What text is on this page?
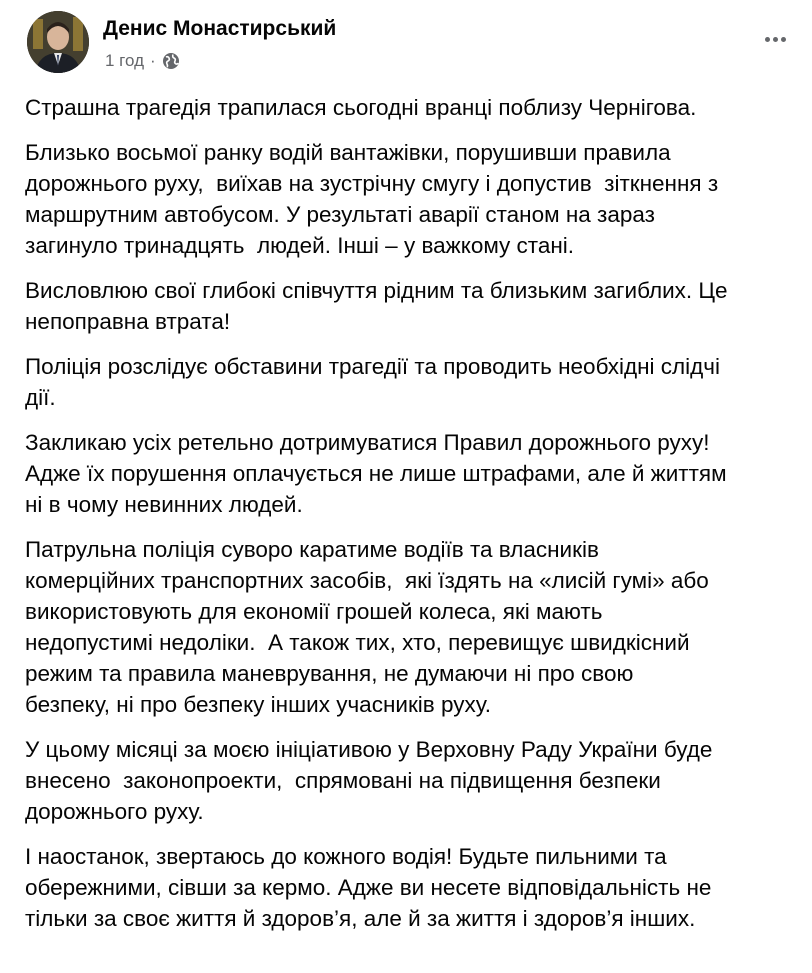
Денис Монастирський
1 год ·

Страшна трагедія трапилася сьогодні вранці поблизу Чернігова.

Близько восьмої ранку водій вантажівки, порушивши правила
дорожнього руху,  виїхав на зустрічну смугу і допустив  зіткнення з
маршрутним автобусом. У результаті аварії станом на зараз
загинуло тринадцять  людей. Інші – у важкому стані.

Висловлюю свої глибокі співчуття рідним та близьким загиблих. Це
непоправна втрата!

Поліція розслідує обставини трагедії та проводить необхідні слідчі
дії.

Закликаю усіх ретельно дотримуватися Правил дорожнього руху!
Адже їх порушення оплачується не лише штрафами, але й життям
ні в чому невинних людей.

Патрульна поліція суворо каратиме водіїв та власників
комерційних транспортних засобів,  які їздять на «лисій гумі» або
використовують для економії грошей колеса, які мають
недопустимі недоліки.  А також тих, хто, перевищує швидкісний
режим та правила маневрування, не думаючи ні про свою
безпеку, ні про безпеку інших учасників руху.

У цьому місяці за моєю ініціативою у Верховну Раду України буде
внесено  законопроекти,  спрямовані на підвищення безпеки
дорожнього руху.

І наостанок, звертаюсь до кожного водія! Будьте пильними та
обережними, сівши за кермо. Адже ви несете відповідальність не
тільки за своє життя й здоров’я, але й за життя і здоров’я інших.
